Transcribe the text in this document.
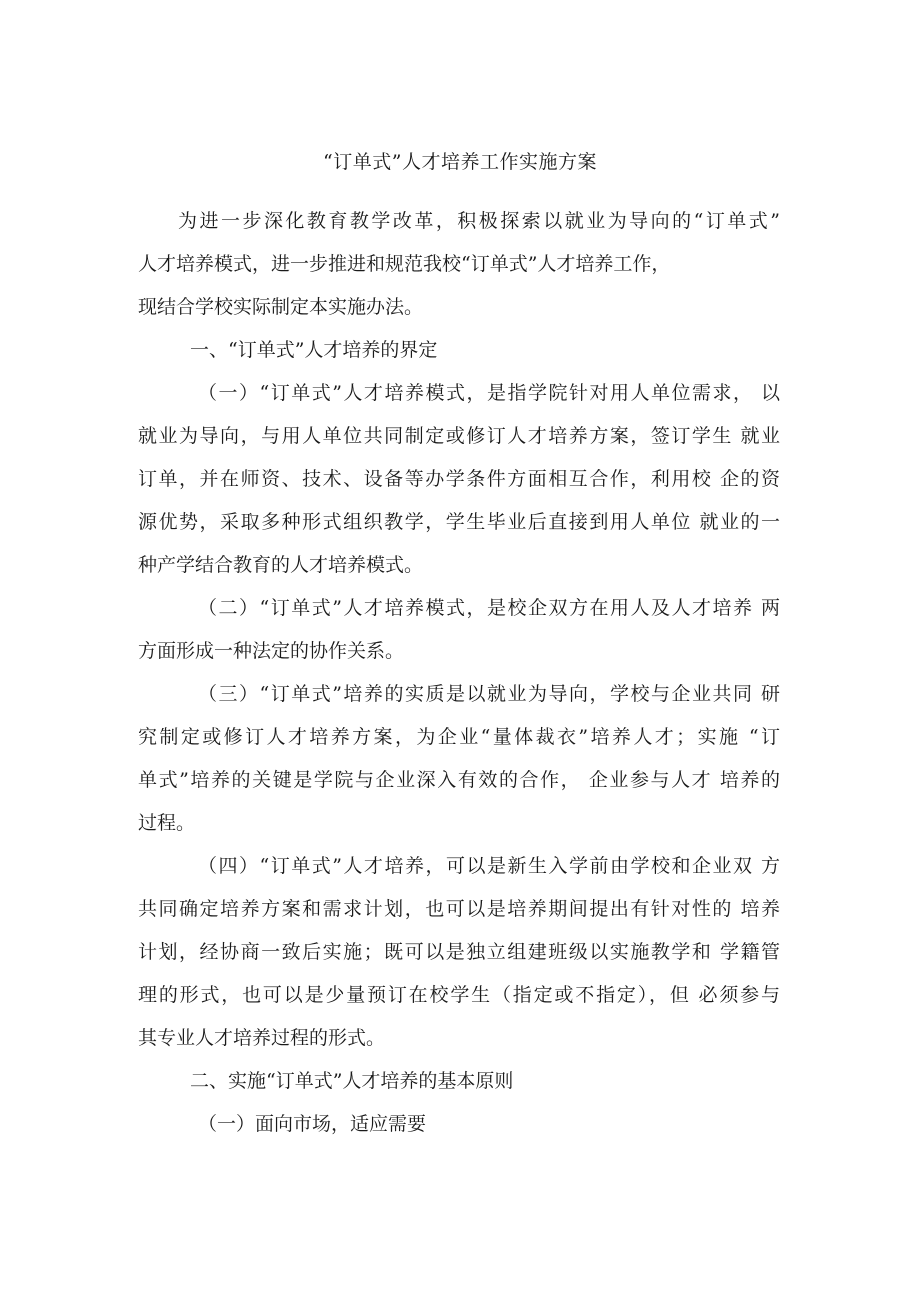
“订单式”人才培养工作实施方案
为进一步深化教育教学改革，积极探索以就业为导向的“订单式”
人才培养模式，进一步推进和规范我校“订单式”人才培养工作，
现结合学校实际制定本实施办法。
一、“订单式”人才培养的界定
（一）“订单式”人才培养模式，是指学院针对用人单位需求， 以
就业为导向，与用人单位共同制定或修订人才培养方案，签订学生 就业
订单，并在师资、技术、设备等办学条件方面相互合作，利用校 企的资
源优势，采取多种形式组织教学，学生毕业后直接到用人单位 就业的一
种产学结合教育的人才培养模式。
（二）“订单式”人才培养模式，是校企双方在用人及人才培养 两
方面形成一种法定的协作关系。
（三）“订单式”培养的实质是以就业为导向，学校与企业共同 研
究制定或修订人才培养方案，为企业“量体裁衣”培养人才；实施 “订
单式”培养的关键是学院与企业深入有效的合作， 企业参与人才 培养的
过程。
（四）“订单式”人才培养，可以是新生入学前由学校和企业双 方
共同确定培养方案和需求计划，也可以是培养期间提出有针对性的 培养
计划，经协商一致后实施；既可以是独立组建班级以实施教学和 学籍管
理的形式，也可以是少量预订在校学生（指定或不指定），但 必须参与
其专业人才培养过程的形式。
二、实施“订单式”人才培养的基本原则
（一）面向市场，适应需要
